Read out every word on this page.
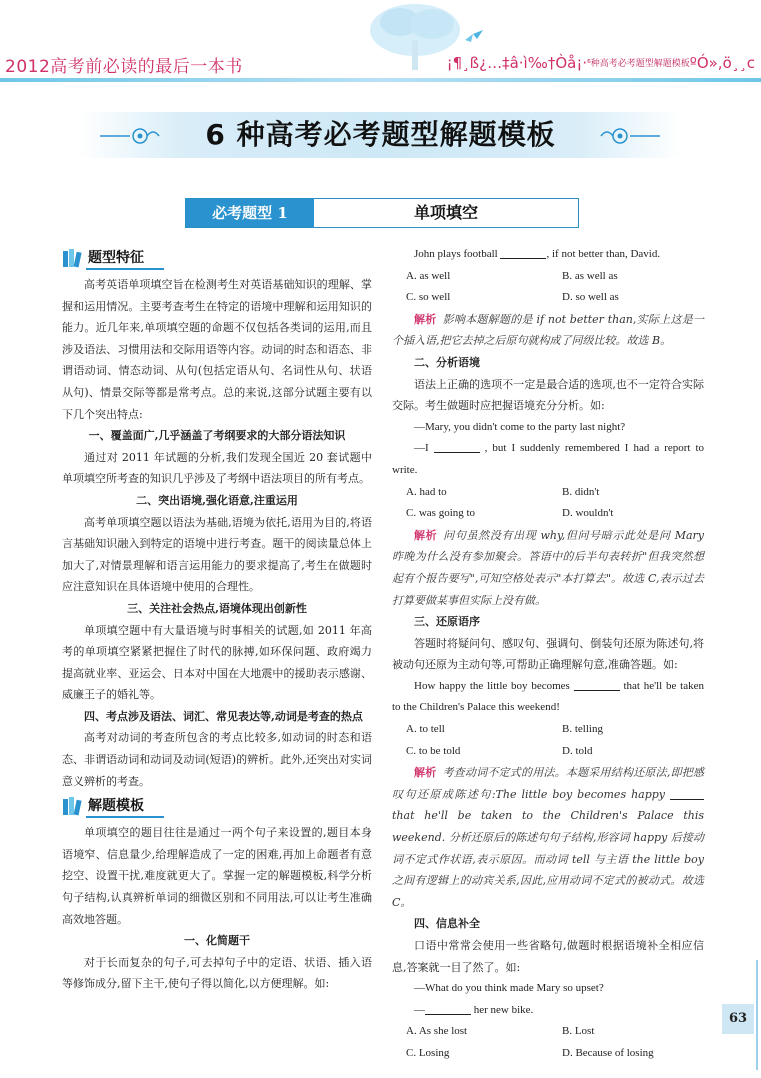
2012高考前必读的最后一本书	¡¶¸ß¿…‡â·ì‰†Òå¡·⁶种高考必考题型解题模板ºÓ»,ö¸¸c
6 种高考必考题型解题模板
必考题型 1	单项填空
题型特征

高考英语单项填空旨在检测考生对英语基础知识的理解、掌握和运用情况。主要考查考生在特定的语境中理解和运用知识的能力。近几年来,单项填空题的命题不仅包括各类词的运用,而且涉及语法、习惯用法和交际用语等内容。动词的时态和语态、非谓语动词、情态动词、从句(包括定语从句、名词性从句、状语从句)、情景交际等都是常考点。总的来说,这部分试题主要有以下几个突出特点:

一、覆盖面广,几乎涵盖了考纲要求的大部分语法知识

通过对 2011 年试题的分析,我们发现全国近 20 套试题中单项填空所考查的知识几乎涉及了考纲中语法项目的所有考点。

二、突出语境,强化语意,注重运用

高考单项填空题以语法为基础,语境为依托,语用为目的,将语言基础知识融入到特定的语境中进行考查。题干的阅读量总体上加大了,对情景理解和语言运用能力的要求提高了,考生在做题时应注意知识在具体语境中使用的合理性。

三、关注社会热点,语境体现出创新性

单项填空题中有大量语境与时事相关的试题,如 2011 年高考的单项填空紧紧把握住了时代的脉搏,如环保问题、政府竭力提高就业率、亚运会、日本对中国在大地震中的援助表示感谢、威廉王子的婚礼等。

四、考点涉及语法、词汇、常见表达等,动词是考查的热点

高考对动词的考查所包含的考点比较多,如动词的时态和语态、非谓语动词和动词及动词(短语)的辨析。此外,还突出对实词意义辨析的考查。

解题模板

单项填空的题目往往是通过一两个句子来设置的,题目本身语境窄、信息量少,给理解造成了一定的困难,再加上命题者有意挖空、设置干扰,难度就更大了。掌握一定的解题模板,科学分析句子结构,认真辨析单词的细微区别和不同用法,可以让考生准确高效地答题。

一、化简题干

对于长而复杂的句子,可去掉句子中的定语、状语、插入语等修饰成分,留下主干,使句子得以简化,以方便理解。如:

John plays football	, if not better than, David.

A. as well	B. as well as
C. so well	D. so well as

解析 影响本题解题的是 if not better than,实际上这是一个插入语,把它去掉之后原句就构成了同级比较。故选 B。

二、分析语境

语法上正确的选项不一定是最合适的选项,也不一定符合实际交际。考生做题时应把握语境充分分析。如:

—Mary, you didn't come to the party last night?

—I	, but I suddenly remembered I had a report to write.

A. had to	B. didn't
C. was going to	D. wouldn't

解析 问句虽然没有出现 why,但问号暗示此处是问 Mary 昨晚为什么没有参加聚会。答语中的后半句表转折"但我突然想起有个报告要写",可知空格处表示"本打算去"。故选 C,表示过去打算要做某事但实际上没有做。

三、还原语序

答题时将疑问句、感叹句、强调句、倒装句还原为陈述句,将被动句还原为主动句等,可帮助正确理解句意,准确答题。如:

How happy the little boy becomes	that he'll be taken to the Children's Palace this weekend!

A. to tell	B. telling
C. to be told	D. told

解析 考查动词不定式的用法。本题采用结构还原法,即把感叹句还原成陈述句:The little boy becomes happy  that he'll be taken to the Children's Palace this weekend. 分析还原后的陈述句句子结构,形容词 happy 后接动词不定式作状语,表示原因。而动词 tell 与主语 the little boy 之间有逻辑上的动宾关系,因此,应用动词不定式的被动式。故选 C。

四、信息补全

口语中常常会使用一些省略句,做题时根据语境补全相应信息,答案就一目了然了。如:

—What do you think made Mary so upset?

—	her new bike.

A. As she lost	B. Lost
C. Losing	D. Because of losing
63
